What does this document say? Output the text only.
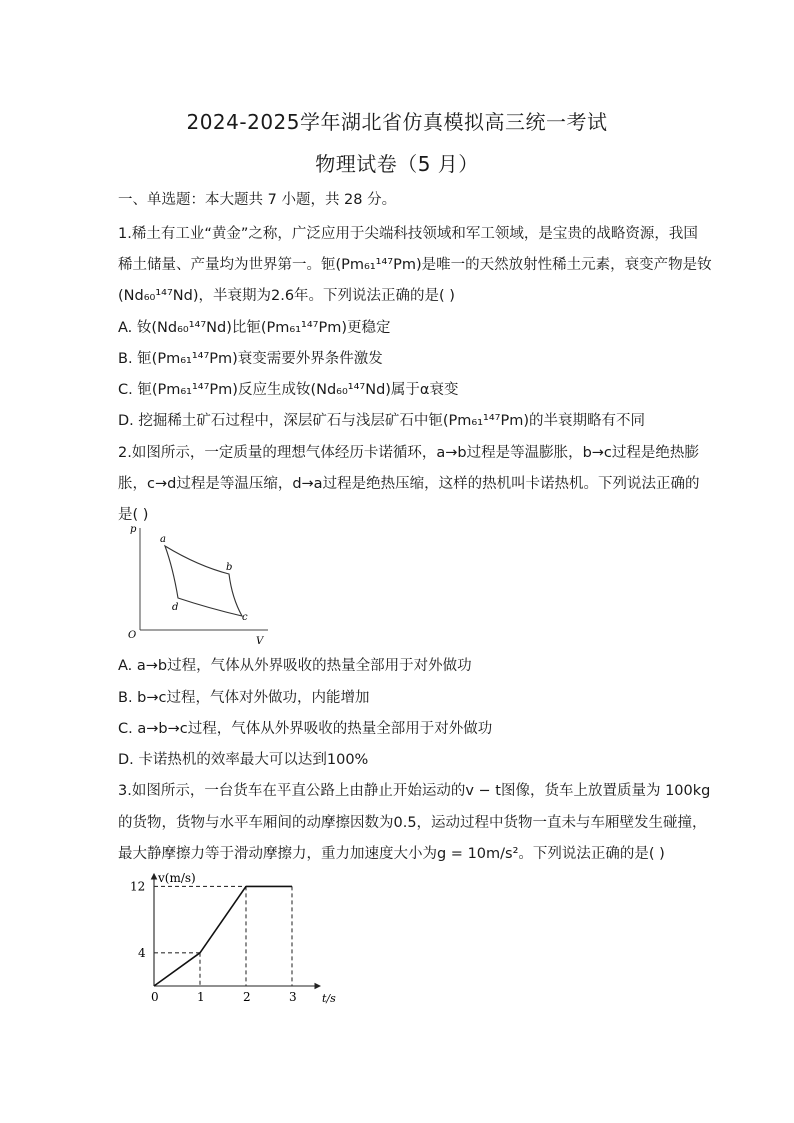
2024-2025学年湖北省仿真模拟高三统一考试
物理试卷（5 月）
一、单选题：本大题共 7 小题，共 28 分。
1.稀土有工业“黄金”之称，广泛应用于尖端科技领域和军工领域，是宝贵的战略资源，我国
稀土储量、产量均为世界第一。钷(Pm₆₁¹⁴⁷Pm)是唯一的天然放射性稀土元素，衰变产物是钕
(Nd₆₀¹⁴⁷Nd)，半衰期为2.6年。下列说法正确的是( )
A. 钕(Nd₆₀¹⁴⁷Nd)比钷(Pm₆₁¹⁴⁷Pm)更稳定
B. 钷(Pm₆₁¹⁴⁷Pm)衰变需要外界条件激发
C. 钷(Pm₆₁¹⁴⁷Pm)反应生成钕(Nd₆₀¹⁴⁷Nd)属于α衰变
D. 挖掘稀土矿石过程中，深层矿石与浅层矿石中钷(Pm₆₁¹⁴⁷Pm)的半衰期略有不同
2.如图所示，一定质量的理想气体经历卡诺循环，a→b过程是等温膨胀，b→c过程是绝热膨
胀，c→d过程是等温压缩，d→a过程是绝热压缩，这样的热机叫卡诺热机。下列说法正确的
是( )
p
V
O
a
b
c
d
A. a→b过程，气体从外界吸收的热量全部用于对外做功
B. b→c过程，气体对外做功，内能增加
C. a→b→c过程，气体从外界吸收的热量全部用于对外做功
D. 卡诺热机的效率最大可以达到100%
3.如图所示，一台货车在平直公路上由静止开始运动的v − t图像，货车上放置质量为 100kg
的货物，货物与水平车厢间的动摩擦因数为0.5，运动过程中货物一直未与车厢壁发生碰撞，
最大静摩擦力等于滑动摩擦力，重力加速度大小为g = 10m/s²。下列说法正确的是( )
v(m/s)
t/s
0	1	2	3
4
12
